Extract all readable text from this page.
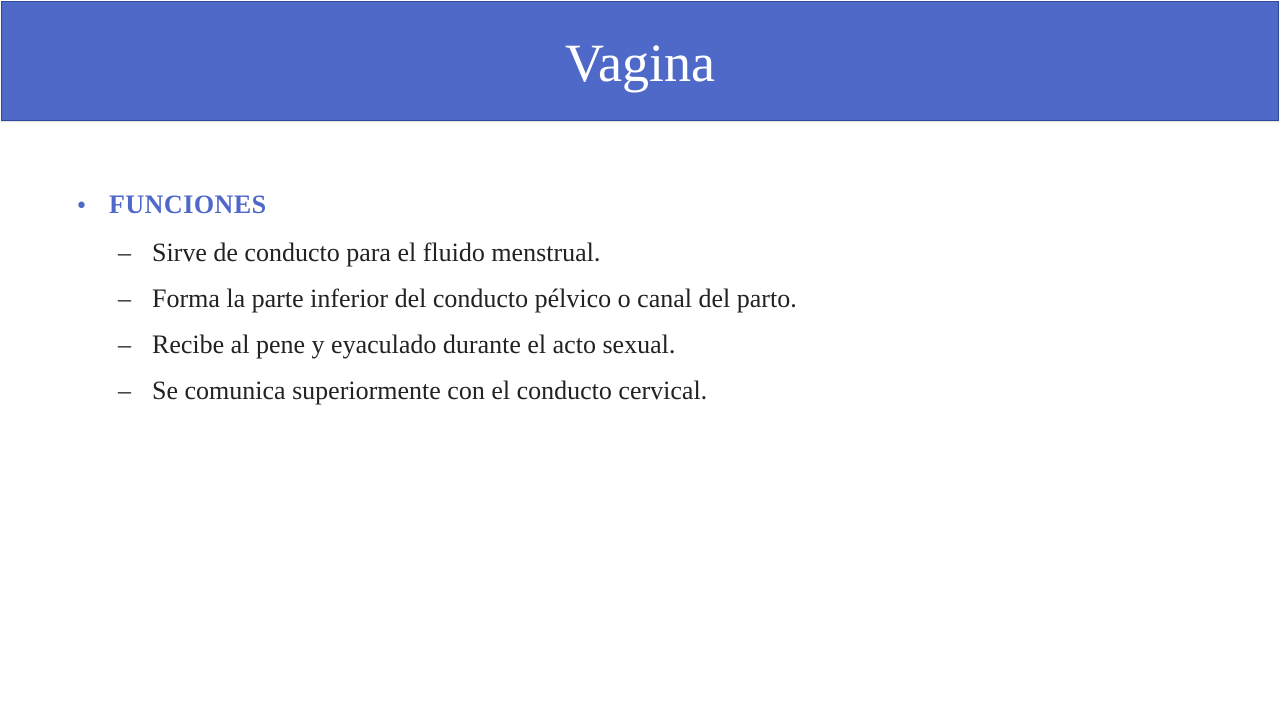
Vagina
• FUNCIONES
– Sirve de conducto para el fluido menstrual.
– Forma la parte inferior del conducto pélvico o canal del parto.
– Recibe al pene y eyaculado durante el acto sexual.
– Se comunica superiormente con el conducto cervical.
